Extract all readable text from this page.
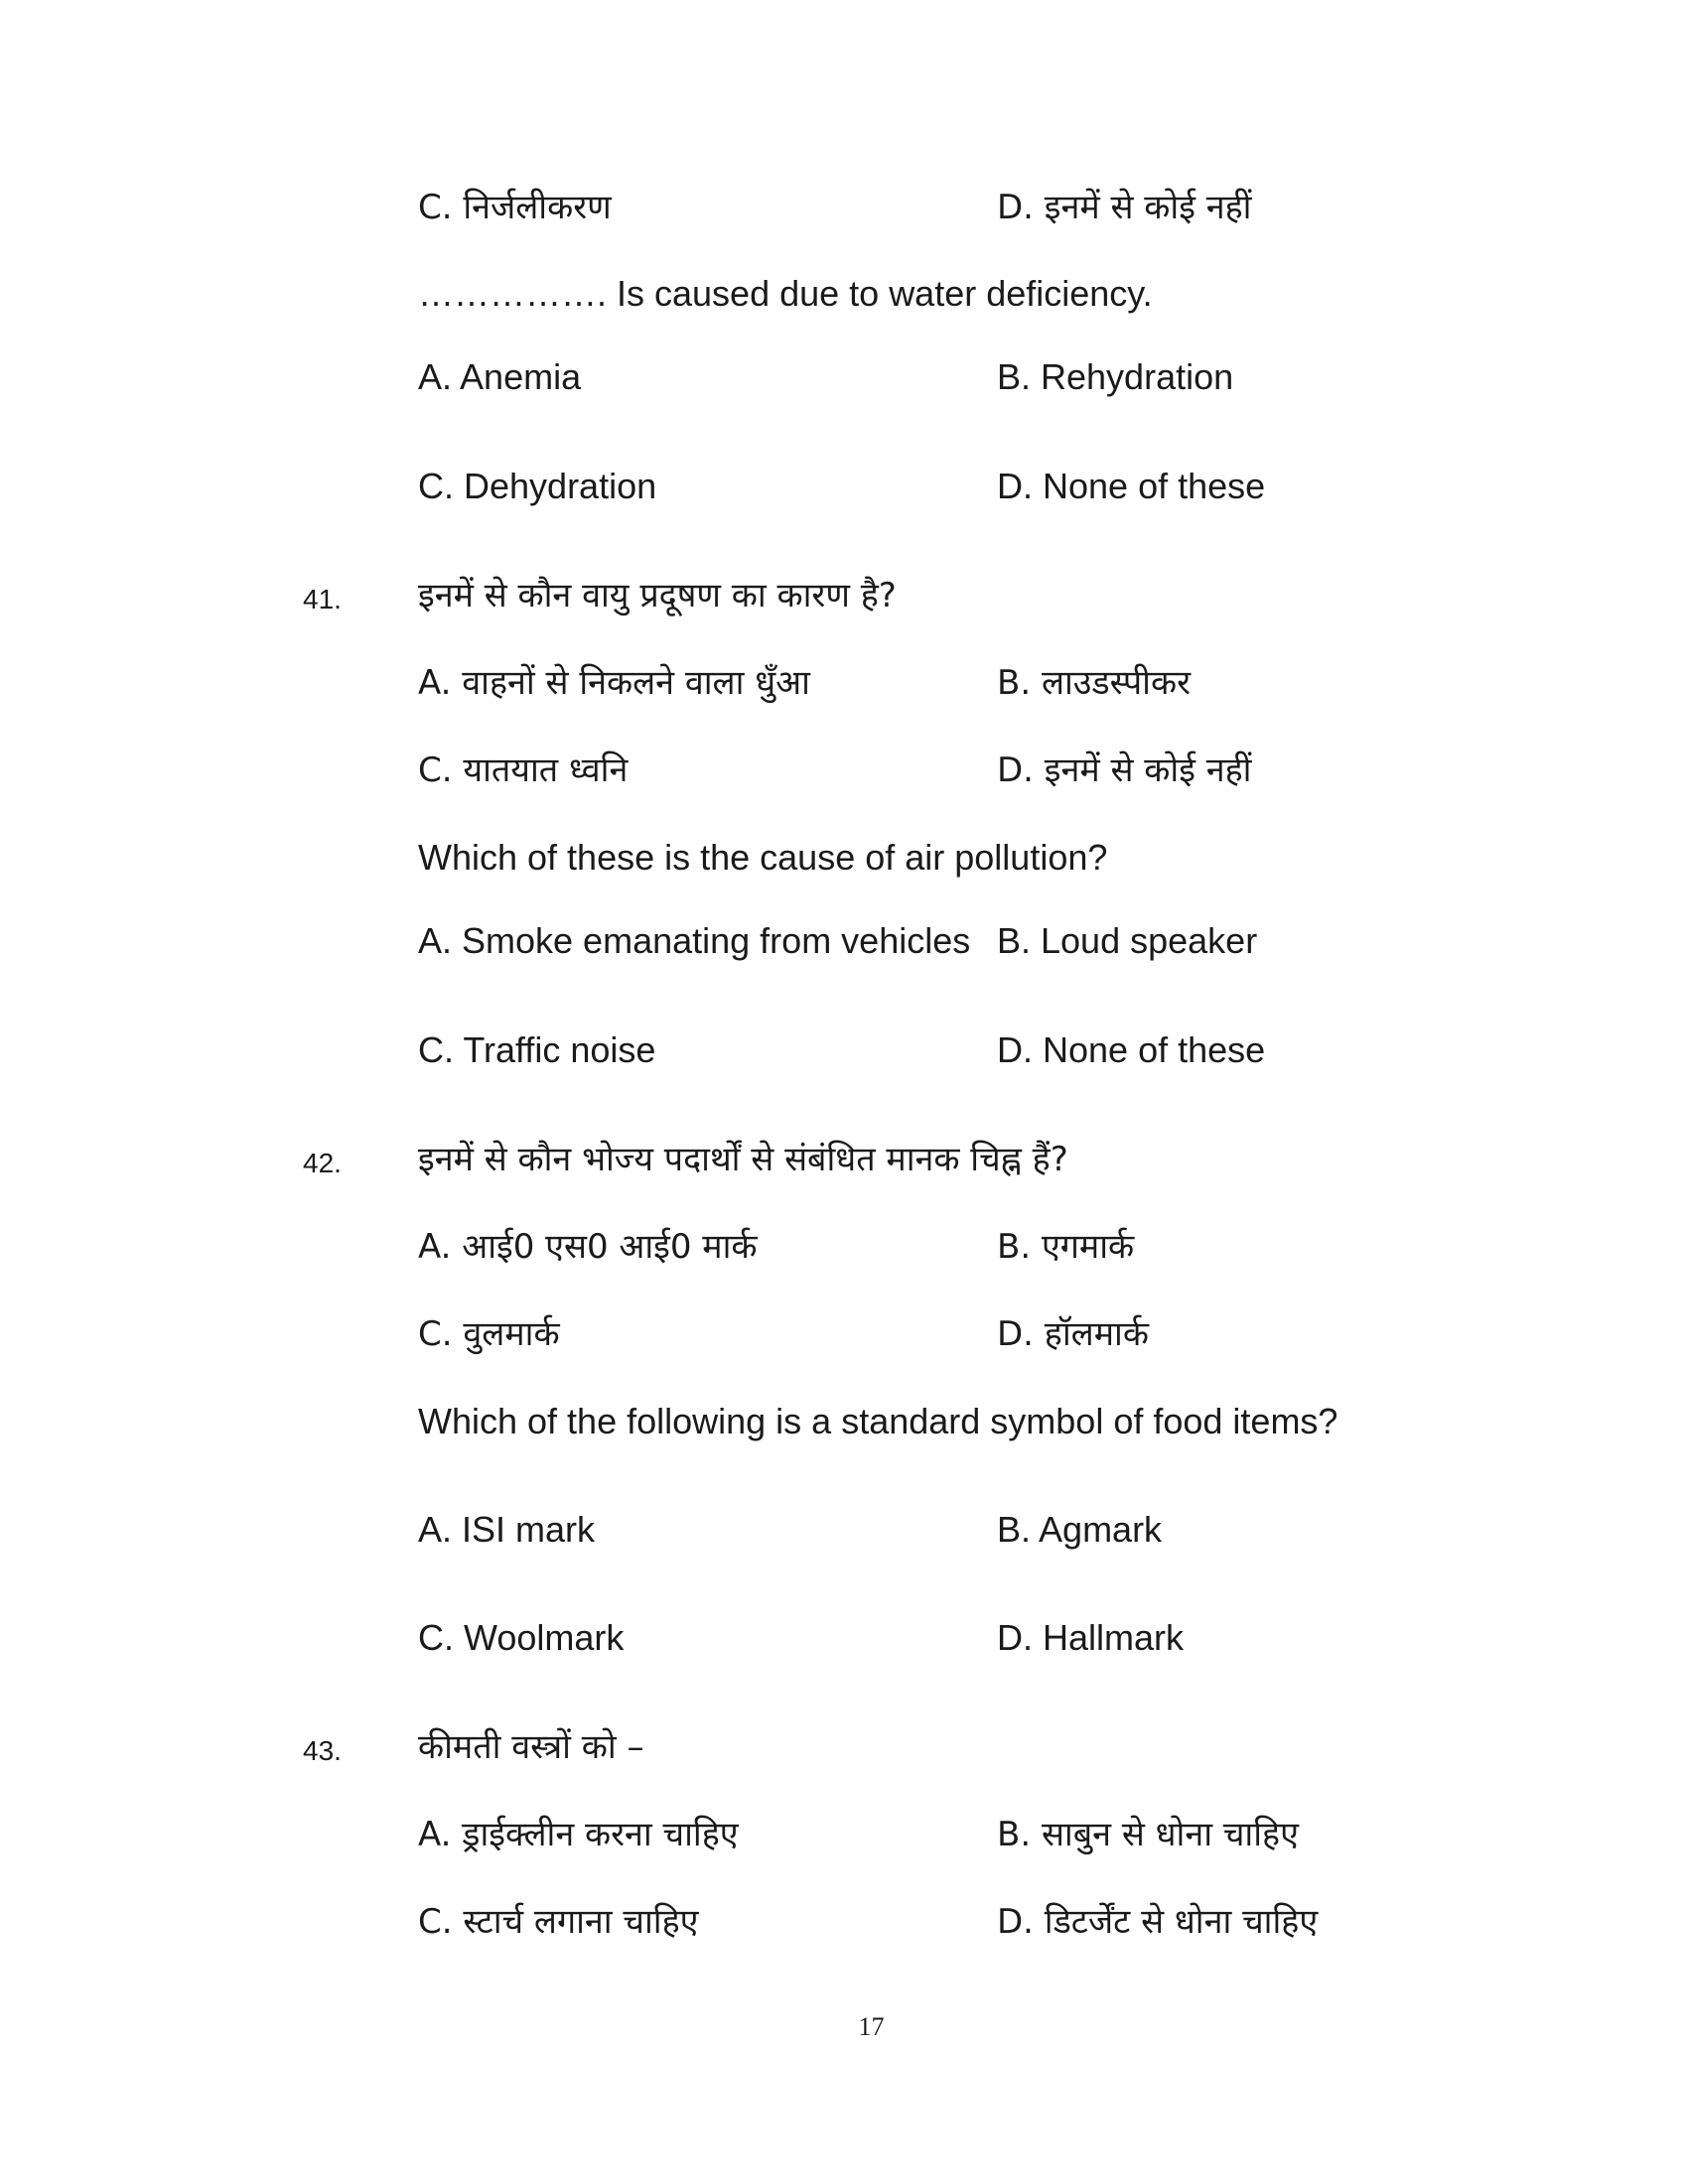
C. निर्जलीकरण	D. इनमें से कोई नहीं
……………. Is caused due to water deficiency.
A. Anemia	B. Rehydration
C. Dehydration	D. None of these
41. इनमें से कौन वायु प्रदूषण का कारण है?
A. वाहनों से निकलने वाला धुँआ	B. लाउडस्पीकर
C. यातयात ध्वनि	D. इनमें से कोई नहीं
Which of these is the cause of air pollution?
A. Smoke emanating from vehicles B. Loud speaker
C. Traffic noise	D. None of these
42. इनमें से कौन भोज्य पदार्थों से संबंधित मानक चिह्न हैं?
A. आई0 एस0 आई0 मार्क	B. एगमार्क
C. वुलमार्क	D. हॉलमार्क
Which of the following is a standard symbol of food items?
A. ISI mark	B. Agmark
C. Woolmark	D. Hallmark
43. कीमती वस्त्रों को –
A. ड्राईक्लीन करना चाहिए	B. साबुन से धोना चाहिए
C. स्टार्च लगाना चाहिए	D. डिटर्जेंट से धोना चाहिए
17
